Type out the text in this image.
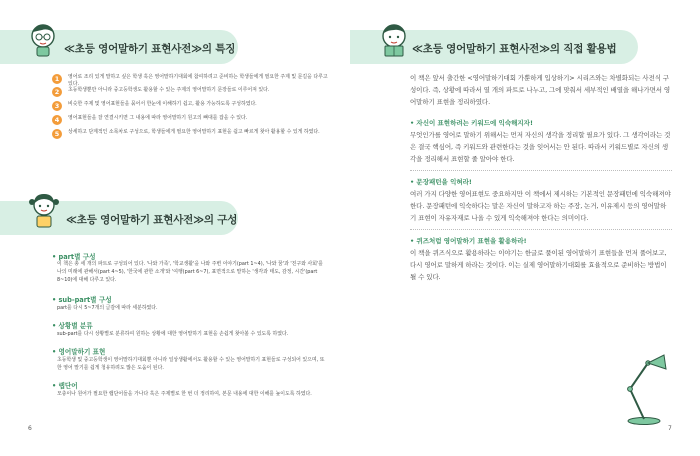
≪초등 영어말하기 표현사전≫의 특징
1	영어로 조리 있게 말하고 싶은 학생 혹은 영어말하기대회에 참여하려고 준비하는 학생들에게 필요한 주제 및 문길을 다루고 있다.
2	초등학생뿐만 아니라 중고등학생도 활용할 수 있는 주제의 영어말하기 문장들로 이루어져 있다.
3	비슷한 주제 및 영어표현들을 묶어서 한눈에 이해하기 쉽고, 활용 가능하도록 구성하였다.
4	영어표현들을 잘 연결시키면 그 내용에 따라 영어말하기 원고의 뼈대를 잡을 수 있다.
5	상세하고 단계적인 소목차로 구성으로, 학생들에게 필요한 영어말하기 표현을 쉽고 빠르게 찾아 활용할 수 있게 하였다.
≪초등 영어말하기 표현사전≫의 구성
• part별 구성
이 책은 총 세 개의 파트로 구성되어 있다. '나와 가족', '학교생활'을 나와 주변 이야기(part 1~4), '나와 꿈'과 '친구와 사회'를 나의 미래에 관해서(part 4~5), '한국에 관한 소개'와 '여행(part 6~7), 표면적으로 말하는 '생각과 태도, 감정, 시간'(part 8~10)에 대해 다루고 있다.
• sub-part별 구성
part를 다시 5~7개의 글감에 따라 세분하였다.
• 상황별 분류
sub-part를 다시 상황별로 분류하여 원하는 상황에 대한 영어말하기 표현을 손쉽게 찾아볼 수 있도록 하였다.
• 영어말하기 표현
초등학생 및 중고등학생이 영어말하기대회뿐 아니라 일상생활에서도 활용할 수 있는 영어말하기 표현들로 구성되어 있으며, 또한 영어 말기를 쉽게 청유하려도 많은 도움이 된다.
• 랩단어
모층이나 원어가 필요한 랩단어들을 가나다 혹은 주제별로 한 번 더 정리하여, 본문 내용에 대한 이해를 높이도록 하였다.
6
≪초등 영어말하기 표현사전≫의 직접 활용법
이 책은 앞서 출간한 <영어말하기대회 가뿐하게 입상하기> 시리즈와는 차별화되는 사전식 구성이다. 즉, 상황에 따라서 열 개의 파트로 나누고, 그에 맞춰서 세부적인 배열을 해나가면서 영어말하기 표현을 정리하였다.
• 자신이 표현하려는 키워드에 익숙해지자!
무엇인가를 영어로 말하기 위해서는 먼저 자신의 생각을 정리할 필요가 있다. 그 생각이라는 것은 결국 핵심어, 즉 키워드와 관련한다는 것을 잊어서는 안 된다. 따라서 키워드별로 자신의 생각을 정리해서 표현할 줄 알아야 한다.
• 문장패턴을 익혀라!
여러 가지 다양한 영어표현도 중요하지만 이 책에서 제시하는 기본적인 문장패턴에 익숙해져야 한다. 문장패턴에 익숙하다는 말은 자신이 말하고자 하는 주장, 논거, 이유제시 등의 영어말하기 표현이 자유자재로 나올 수 있게 익숙해져야 한다는 의미이다.
• 퀴즈처럼 영어말하기 표현을 활용하라!
이 책을 퀴즈식으로 활용하라는 이야기는 한글로 풀이된 영어말하기 표현들을 먼저 풀어보고, 다시 영어로 말하게 하라는 것이다. 이는 실제 영어말하기대회를 효율적으로 준비하는 방법이 될 수 있다.
7
